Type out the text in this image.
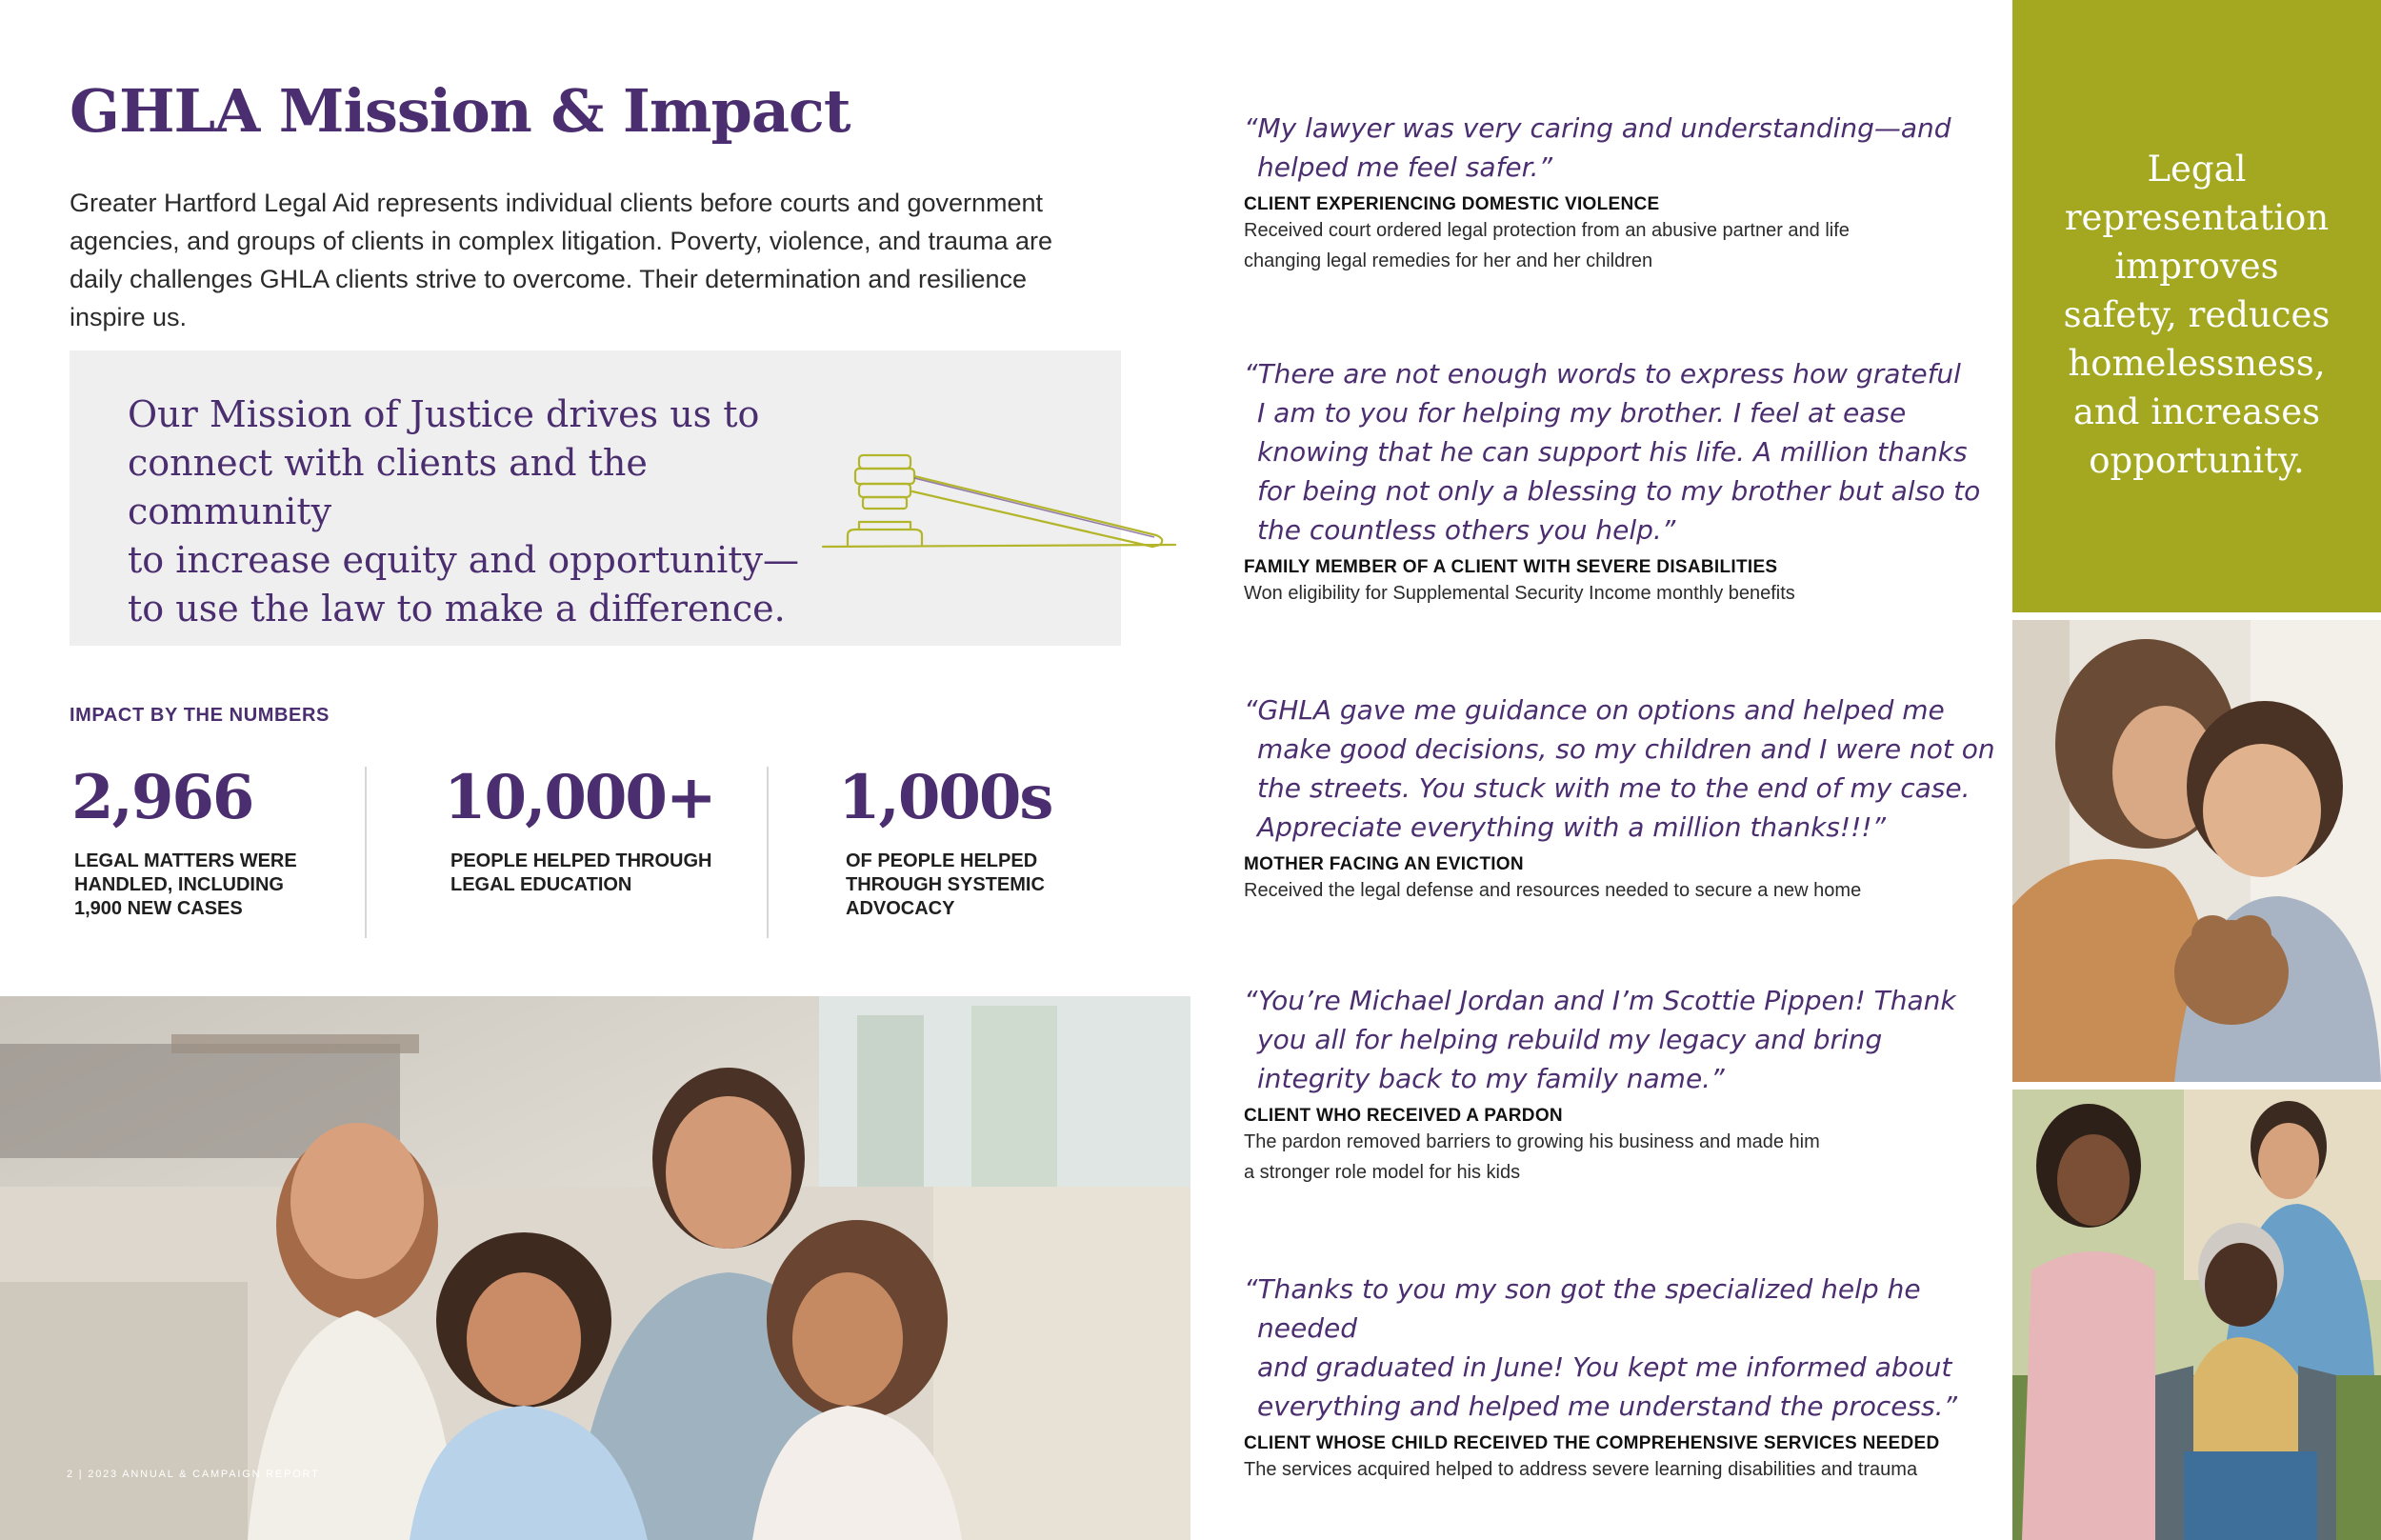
GHLA Mission & Impact

Greater Hartford Legal Aid represents individual clients before courts and government agencies, and groups of clients in complex litigation. Poverty, violence, and trauma are daily challenges GHLA clients strive to overcome. Their determination and resilience inspire us.

Our Mission of Justice drives us to
connect with clients and the community
to increase equity and opportunity—
to use the law to make a difference.

IMPACT BY THE NUMBERS
2,966
LEGAL MATTERS WERE
HANDLED, INCLUDING
1,900 NEW CASES
10,000+
PEOPLE HELPED THROUGH
LEGAL EDUCATION
1,000s
OF PEOPLE HELPED
THROUGH SYSTEMIC
ADVOCACY
2 | 2023 ANNUAL & CAMPAIGN REPORT

“My lawyer was very caring and understanding—and
helped me feel safer.”

CLIENT EXPERIENCING DOMESTIC VIOLENCE
Received court ordered legal protection from an abusive partner and life
changing legal remedies for her and her children

“There are not enough words to express how grateful
I am to you for helping my brother. I feel at ease
knowing that he can support his life. A million thanks
for being not only a blessing to my brother but also to
the countless others you help.”

FAMILY MEMBER OF A CLIENT WITH SEVERE DISABILITIES
Won eligibility for Supplemental Security Income monthly benefits

“GHLA gave me guidance on options and helped me
make good decisions, so my children and I were not on
the streets. You stuck with me to the end of my case.
Appreciate everything with a million thanks!!!”

MOTHER FACING AN EVICTION
Received the legal defense and resources needed to secure a new home

“You’re Michael Jordan and I’m Scottie Pippen! Thank
you all for helping rebuild my legacy and bring
integrity back to my family name.”

CLIENT WHO RECEIVED A PARDON
The pardon removed barriers to growing his business and made him
a stronger role model for his kids

“Thanks to you my son got the specialized help he needed
and graduated in June! You kept me informed about
everything and helped me understand the process.”

CLIENT WHOSE CHILD RECEIVED THE COMPREHENSIVE SERVICES NEEDED
The services acquired helped to address severe learning disabilities and trauma

Legal
representation
improves
safety, reduces
homelessness,
and increases
opportunity.
